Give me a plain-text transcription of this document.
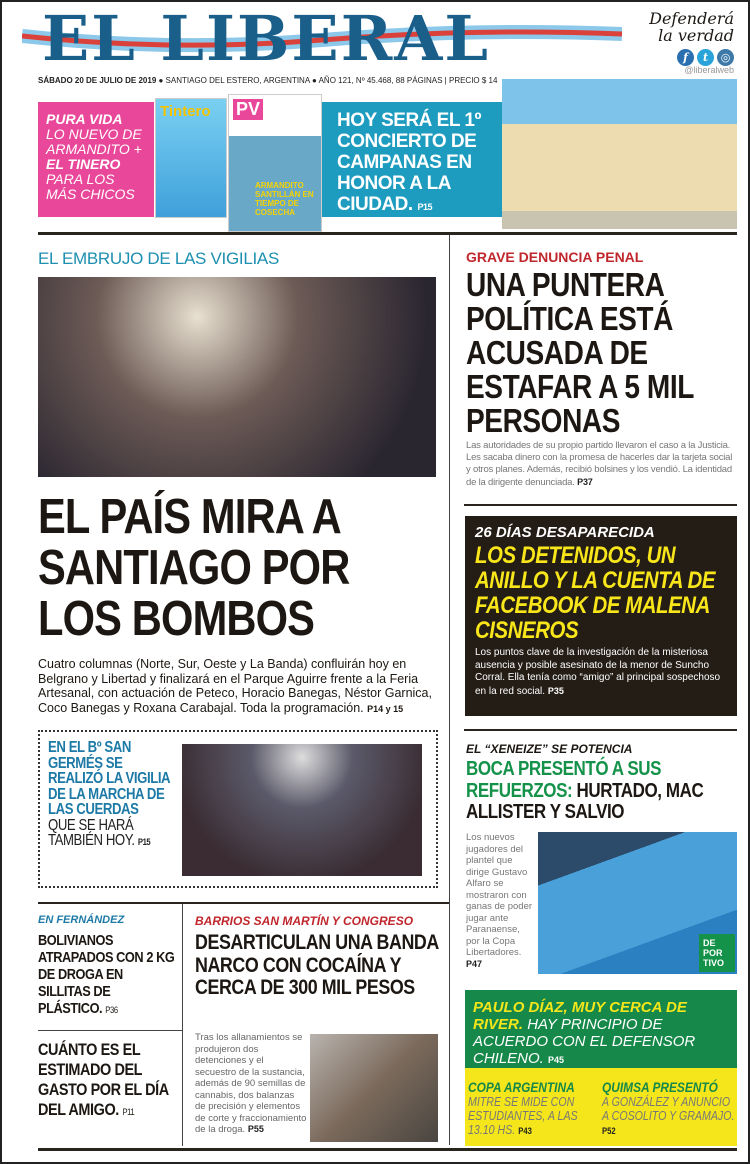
EL LIBERAL	Defenderá
la verdad
f t ◎
@liberalweb
SÁBADO 20 DE JULIO DE 2019 ● SANTIAGO DEL ESTERO, ARGENTINA ● AÑO 121, Nº 45.468, 88 PÁGINAS | PRECIO $ 14
PURA VIDA
LO NUEVO DE ARMANDITO +
EL TINERO
PARA LOS MÁS CHICOS
Tintero	PV
ARMANDITO SANTILLÁN EN TIEMPO DE COSECHA
HOY SERÁ EL 1º CONCIERTO DE CAMPANAS EN HONOR A LA CIUDAD. P15
EL EMBRUJO DE LAS VIGILIAS
EL PAÍS MIRA A SANTIAGO POR LOS BOMBOS

Cuatro columnas (Norte, Sur, Oeste y La Banda) confluirán hoy en Belgrano y Libertad y finalizará en el Parque Aguirre frente a la Feria Artesanal, con actuación de Peteco, Horacio Banegas, Néstor Garnica, Coco Banegas y Roxana Carabajal. Toda la programación. P14 y 15

EN EL Bº SAN GERMÉS SE REALIZÓ LA VIGILIA DE LA MARCHA DE LAS CUERDAS
QUE SE HARÁ TAMBIÉN HOY. P15
EN FERNÁNDEZ
BOLIVIANOS ATRAPADOS CON 2 KG DE DROGA EN SILLITAS DE PLÁSTICO. P36
CUÁNTO ES EL ESTIMADO DEL GASTO POR EL DÍA DEL AMIGO. P11
BARRIOS SAN MARTÍN Y CONGRESO
DESARTICULAN UNA BANDA NARCO CON COCAÍNA Y CERCA DE 300 MIL PESOS

Tras los allanamientos se produjeron dos detenciones y el secuestro de la sustancia, además de 90 semillas de cannabis, dos balanzas de precisión y elementos de corte y fraccionamiento de la droga. P55

GRAVE DENUNCIA PENAL
UNA PUNTERA POLÍTICA ESTÁ ACUSADA DE ESTAFAR A 5 MIL PERSONAS

Las autoridades de su propio partido llevaron el caso a la Justicia. Les sacaba dinero con la promesa de hacerles dar la tarjeta social y otros planes. Además, recibió bolsines y los vendió. La identidad de la dirigente denunciada. P37

26 DÍAS DESAPARECIDA
LOS DETENIDOS, UN ANILLO Y LA CUENTA DE FACEBOOK DE MALENA CISNEROS

Los puntos clave de la investigación de la misteriosa ausencia y posible asesinato de la menor de Suncho Corral. Ella tenía como “amigo” al principal sospechoso en la red social. P35

EL “XENEIZE” SE POTENCIA
BOCA PRESENTÓ A SUS REFUERZOS: HURTADO, MAC ALLISTER Y SALVIO

Los nuevos jugadores del plantel que dirige Gustavo Alfaro se mostraron con ganas de poder jugar ante Paranaense, por la Copa Libertadores.
P47

DE POR TIVO
PAULO DÍAZ, MUY CERCA DE RIVER. HAY PRINCIPIO DE ACUERDO CON EL DEFENSOR CHILENO. P45
COPA ARGENTINA
MITRE SE MIDE CON ESTUDIANTES, A LAS 13.10 HS. P43
QUIMSA PRESENTÓ
A GONZÁLEZ Y ANUNCIO A COSOLITO Y GRAMAJO. P52
